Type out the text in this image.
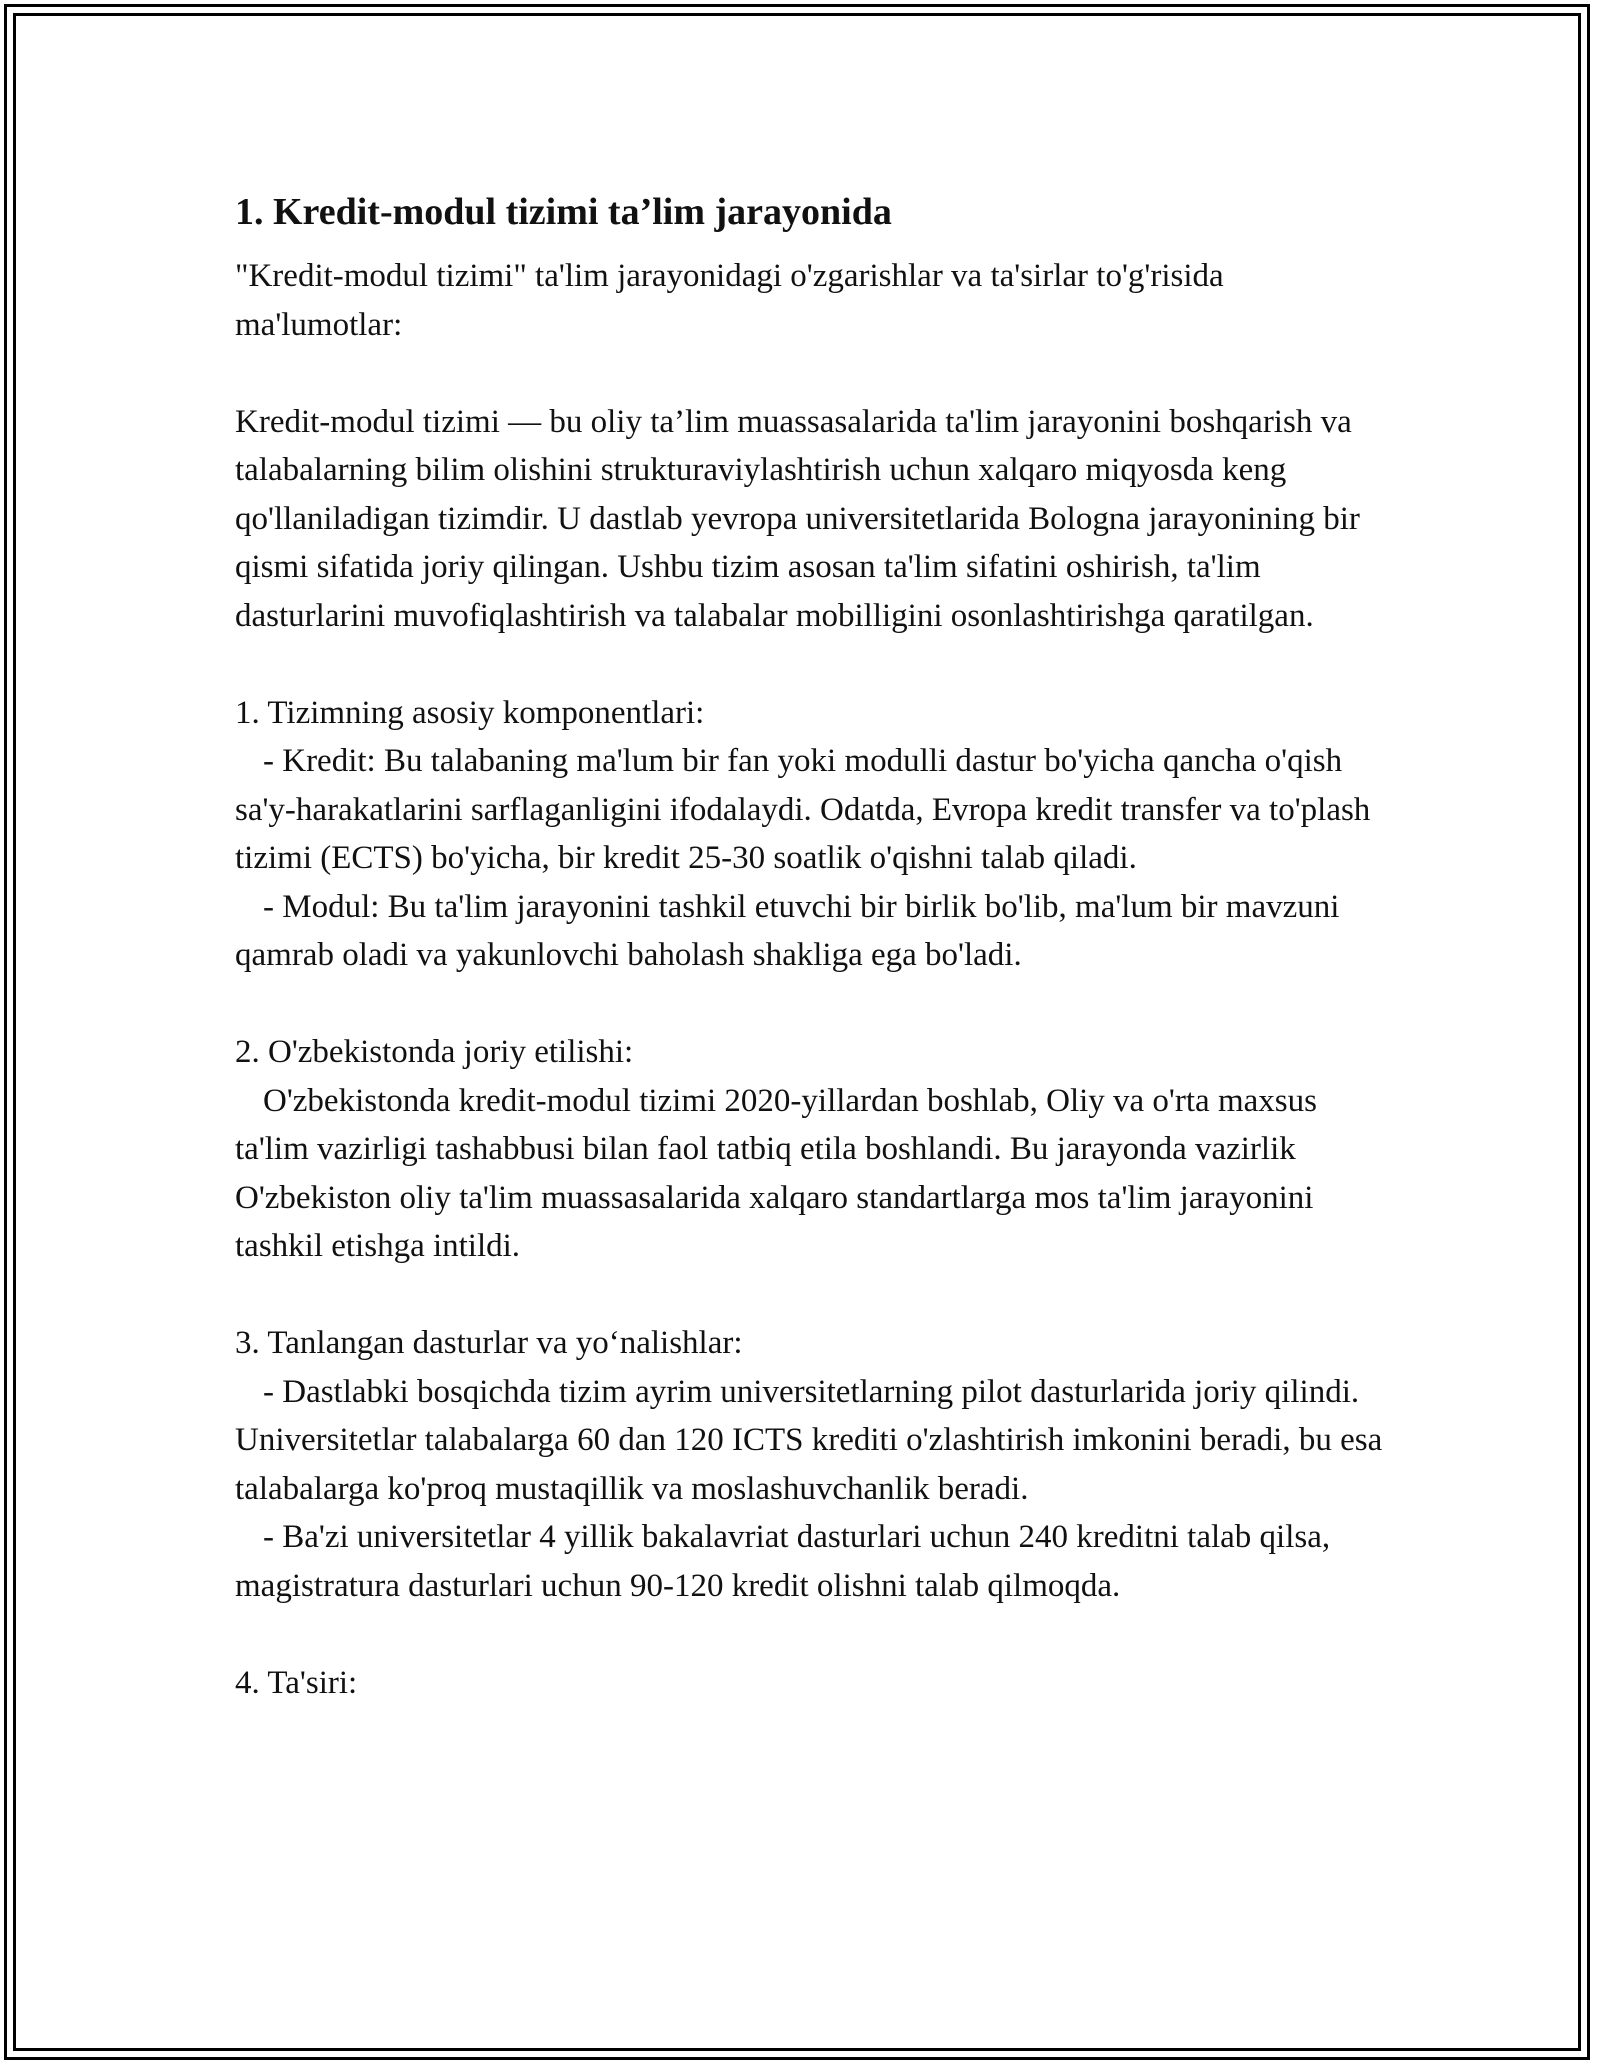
1. Kredit-modul tizimi ta’lim jarayonida

"Kredit-modul tizimi" ta'lim jarayonidagi o'zgarishlar va ta'sirlar to'g'risida ma'lumotlar:

Kredit-modul tizimi — bu oliy ta’lim muassasalarida ta'lim jarayonini boshqarish va talabalarning bilim olishini strukturaviylashtirish uchun xalqaro miqyosda keng qo'llaniladigan tizimdir. U dastlab yevropa universitetlarida Bologna jarayonining bir qismi sifatida joriy qilingan. Ushbu tizim asosan ta'lim sifatini oshirish, ta'lim dasturlarini muvofiqlashtirish va talabalar mobilligini osonlashtirishga qaratilgan.

1. Tizimning asosiy komponentlari:

- Kredit: Bu talabaning ma'lum bir fan yoki modulli dastur bo'yicha qancha o'qish sa'y-harakatlarini sarflaganligini ifodalaydi. Odatda, Evropa kredit transfer va to'plash tizimi (ECTS) bo'yicha, bir kredit 25-30 soatlik o'qishni talab qiladi.

- Modul: Bu ta'lim jarayonini tashkil etuvchi bir birlik bo'lib, ma'lum bir mavzuni qamrab oladi va yakunlovchi baholash shakliga ega bo'ladi.

2. O'zbekistonda joriy etilishi:

O'zbekistonda kredit-modul tizimi 2020-yillardan boshlab, Oliy va o'rta maxsus ta'lim vazirligi tashabbusi bilan faol tatbiq etila boshlandi. Bu jarayonda vazirlik O'zbekiston oliy ta'lim muassasalarida xalqaro standartlarga mos ta'lim jarayonini tashkil etishga intildi.

3. Tanlangan dasturlar va yo‘nalishlar:

- Dastlabki bosqichda tizim ayrim universitetlarning pilot dasturlarida joriy qilindi. Universitetlar talabalarga 60 dan 120 ICTS krediti o'zlashtirish imkonini beradi, bu esa talabalarga ko'proq mustaqillik va moslashuvchanlik beradi.

- Ba'zi universitetlar 4 yillik bakalavriat dasturlari uchun 240 kreditni talab qilsa, magistratura dasturlari uchun 90-120 kredit olishni talab qilmoqda.

4. Ta'siri:
